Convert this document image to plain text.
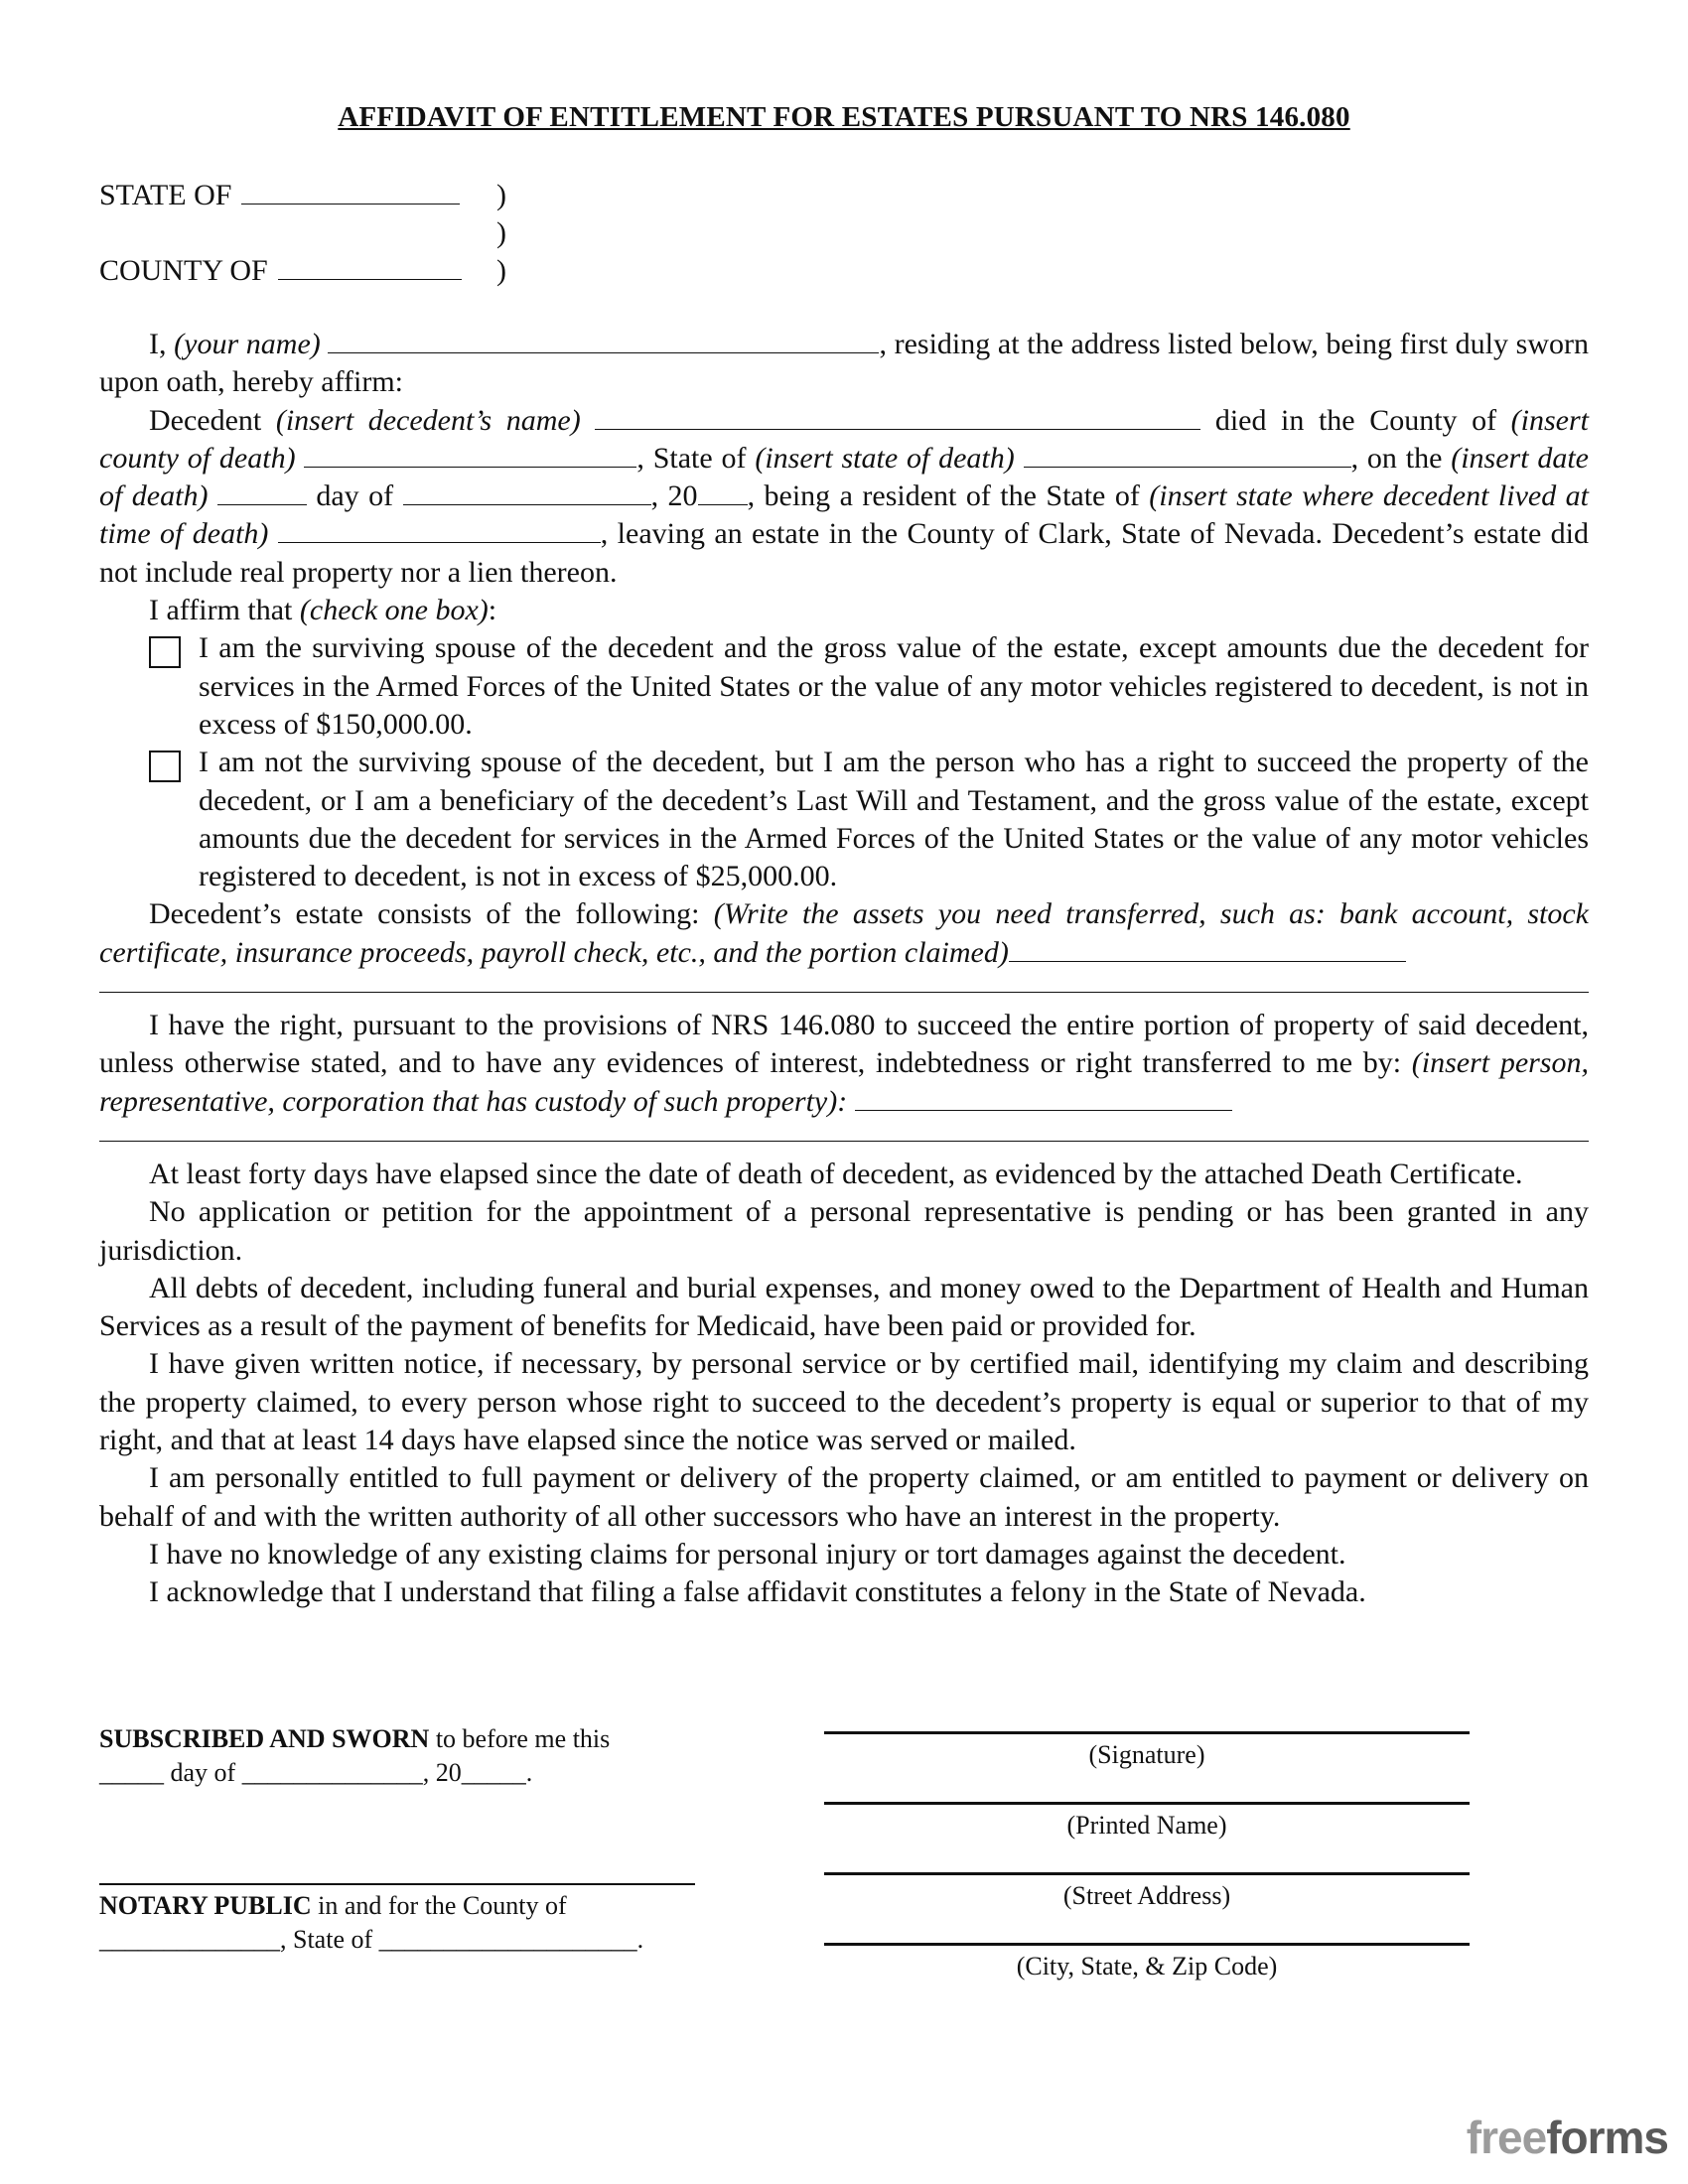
AFFIDAVIT OF ENTITLEMENT FOR ESTATES PURSUANT TO NRS 146.080
STATE OF	)
)
COUNTY OF	)

I, (your name)	, residing at the address listed below, being first duly sworn upon oath, hereby affirm:

Decedent (insert decedent’s name)	died in the County of (insert county of death)	, State of (insert state of death)	, on the (insert date of death)	day of	, 20 , being a resident of the State of (insert state where decedent lived at time of death)	, leaving an estate in the County of Clark, State of Nevada. Decedent’s estate did not include real property nor a lien thereon.

I affirm that (check one box):

I am the surviving spouse of the decedent and the gross value of the estate, except amounts due the decedent for services in the Armed Forces of the United States or the value of any motor vehicles registered to decedent, is not in excess of $150,000.00.

I am not the surviving spouse of the decedent, but I am the person who has a right to succeed the property of the decedent, or I am a beneficiary of the decedent’s Last Will and Testament, and the gross value of the estate, except amounts due the decedent for services in the Armed Forces of the United States or the value of any motor vehicles registered to decedent, is not in excess of $25,000.00.

Decedent’s estate consists of the following: (Write the assets you need transferred, such as: bank account, stock certificate, insurance proceeds, payroll check, etc., and the portion claimed)

I have the right, pursuant to the provisions of NRS 146.080 to succeed the entire portion of property of said decedent, unless otherwise stated, and to have any evidences of interest, indebtedness or right transferred to me by: (insert person, representative, corporation that has custody of such property):

At least forty days have elapsed since the date of death of decedent, as evidenced by the attached Death Certificate.

No application or petition for the appointment of a personal representative is pending or has been granted in any jurisdiction.

All debts of decedent, including funeral and burial expenses, and money owed to the Department of Health and Human Services as a result of the payment of benefits for Medicaid, have been paid or provided for.

I have given written notice, if necessary, by personal service or by certified mail, identifying my claim and describing the property claimed, to every person whose right to succeed to the decedent’s property is equal or superior to that of my right, and that at least 14 days have elapsed since the notice was served or mailed.

I am personally entitled to full payment or delivery of the property claimed, or am entitled to payment or delivery on behalf of and with the written authority of all other successors who have an interest in the property.

I have no knowledge of any existing claims for personal injury or tort damages against the decedent.

I acknowledge that I understand that filing a false affidavit constitutes a felony in the State of Nevada.

SUBSCRIBED AND SWORN to before me this
_____ day of ______________, 20_____.
NOTARY PUBLIC in and for the County of
______________, State of ____________________.
(Signature)
(Printed Name)
(Street Address)
(City, State, & Zip Code)
freeforms
